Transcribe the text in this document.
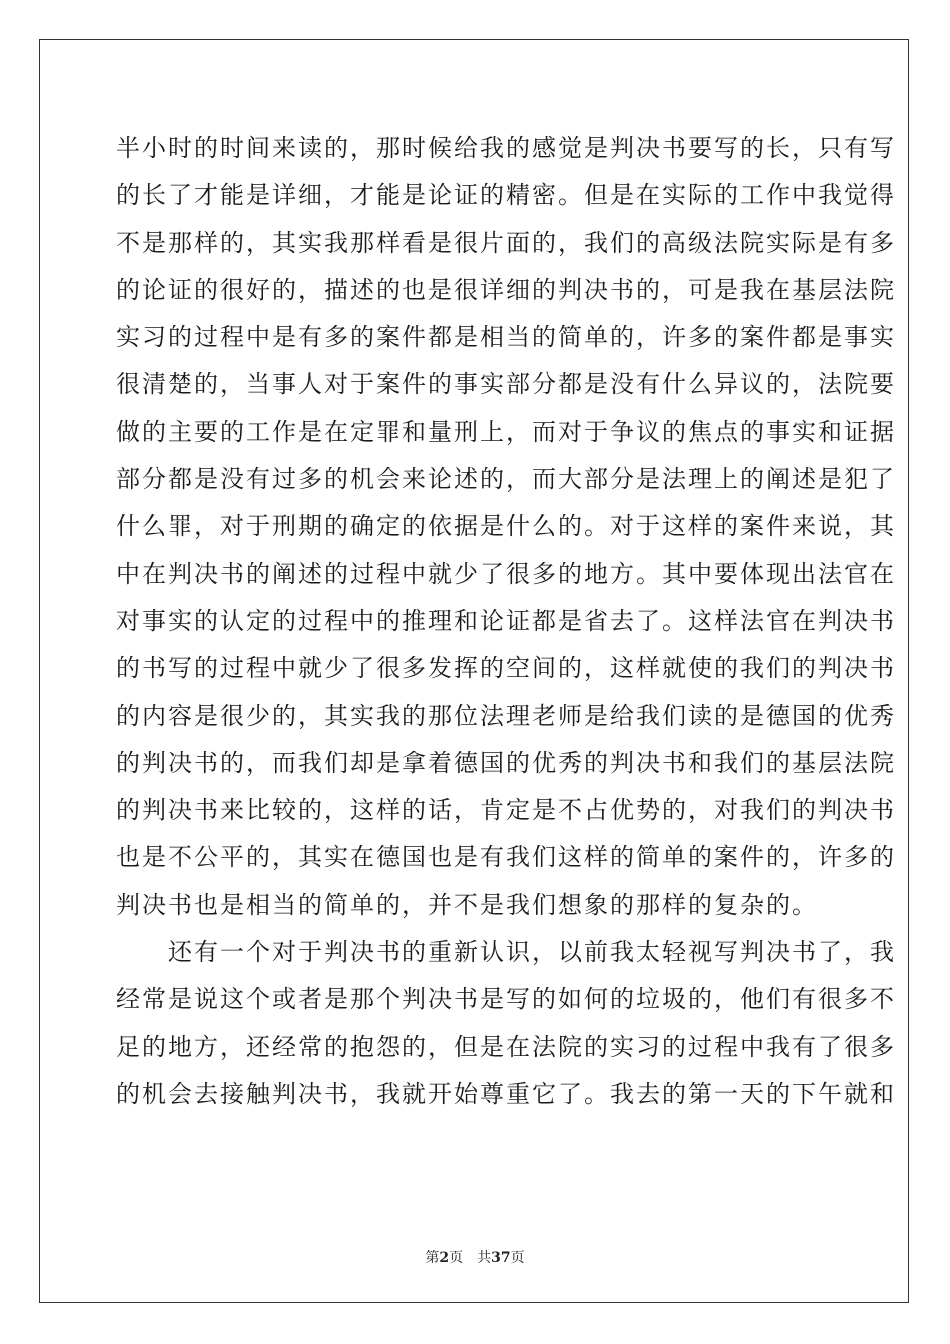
半小时的时间来读的，那时候给我的感觉是判决书要写的长，只有写

的长了才能是详细，才能是论证的精密。但是在实际的工作中我觉得

不是那样的，其实我那样看是很片面的，我们的高级法院实际是有多

的论证的很好的，描述的也是很详细的判决书的，可是我在基层法院

实习的过程中是有多的案件都是相当的简单的，许多的案件都是事实

很清楚的，当事人对于案件的事实部分都是没有什么异议的，法院要

做的主要的工作是在定罪和量刑上，而对于争议的焦点的事实和证据

部分都是没有过多的机会来论述的，而大部分是法理上的阐述是犯了

什么罪，对于刑期的确定的依据是什么的。对于这样的案件来说，其

中在判决书的阐述的过程中就少了很多的地方。其中要体现出法官在

对事实的认定的过程中的推理和论证都是省去了。这样法官在判决书

的书写的过程中就少了很多发挥的空间的，这样就使的我们的判决书

的内容是很少的，其实我的那位法理老师是给我们读的是德国的优秀

的判决书的，而我们却是拿着德国的优秀的判决书和我们的基层法院

的判决书来比较的，这样的话，肯定是不占优势的，对我们的判决书

也是不公平的，其实在德国也是有我们这样的简单的案件的，许多的

判决书也是相当的简单的，并不是我们想象的那样的复杂的。

　　还有一个对于判决书的重新认识，以前我太轻视写判决书了，我

经常是说这个或者是那个判决书是写的如何的垃圾的，他们有很多不

足的地方，还经常的抱怨的，但是在法院的实习的过程中我有了很多

的机会去接触判决书，我就开始尊重它了。我去的第一天的下午就和

第2页 共37页
